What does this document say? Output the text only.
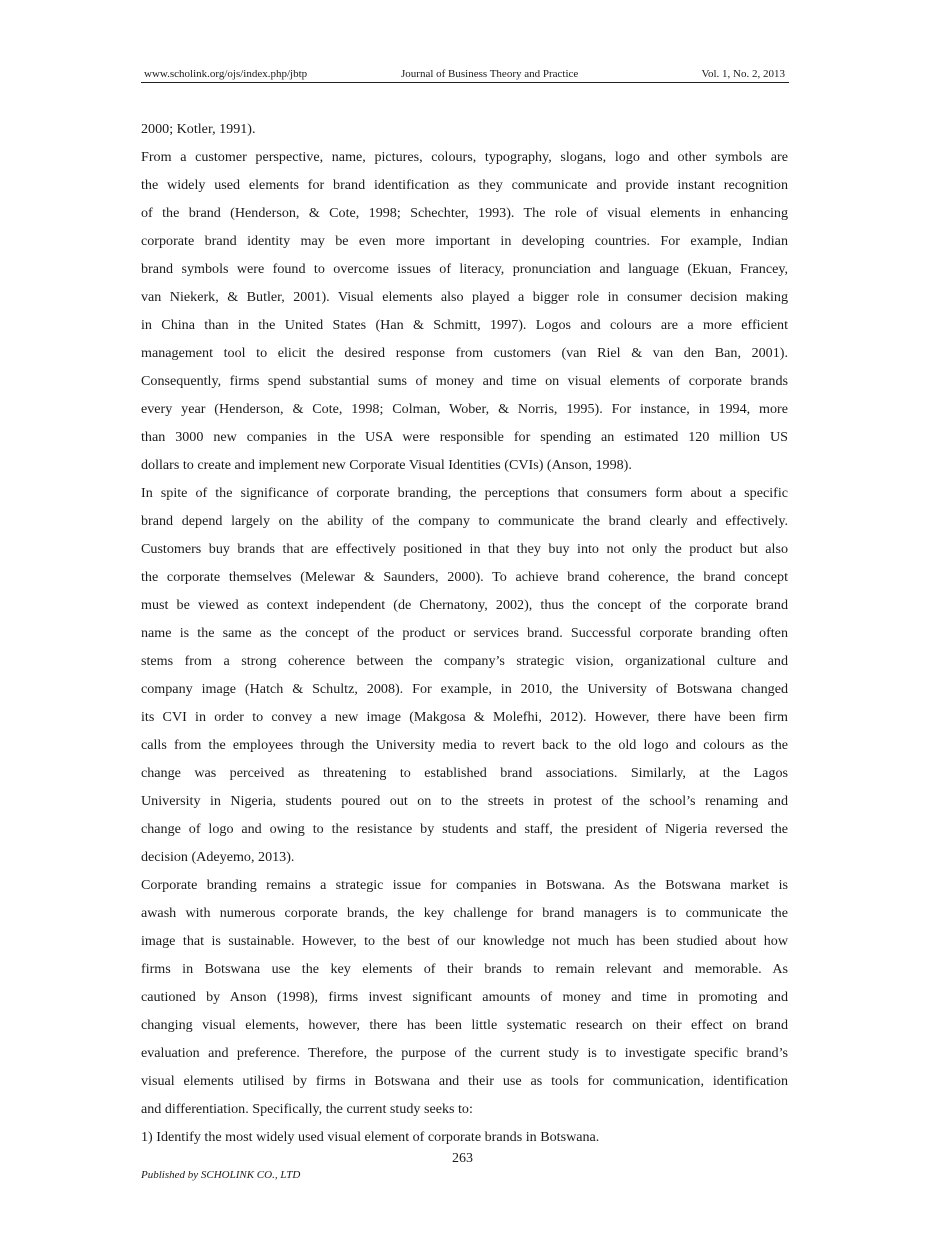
www.scholink.org/ojs/index.php/jbtp	Journal of Business Theory and Practice	Vol. 1, No. 2, 2013
2000; Kotler, 1991).
From a customer perspective, name, pictures, colours, typography, slogans, logo and other symbols are
the widely used elements for brand identification as they communicate and provide instant recognition
of the brand (Henderson, & Cote, 1998; Schechter, 1993). The role of visual elements in enhancing
corporate brand identity may be even more important in developing countries. For example, Indian
brand symbols were found to overcome issues of literacy, pronunciation and language (Ekuan, Francey,
van Niekerk, & Butler, 2001). Visual elements also played a bigger role in consumer decision making
in China than in the United States (Han & Schmitt, 1997). Logos and colours are a more efficient
management tool to elicit the desired response from customers (van Riel & van den Ban, 2001).
Consequently, firms spend substantial sums of money and time on visual elements of corporate brands
every year (Henderson, & Cote, 1998; Colman, Wober, & Norris, 1995). For instance, in 1994, more
than 3000 new companies in the USA were responsible for spending an estimated 120 million US
dollars to create and implement new Corporate Visual Identities (CVIs) (Anson, 1998).
In spite of the significance of corporate branding, the perceptions that consumers form about a specific
brand depend largely on the ability of the company to communicate the brand clearly and effectively.
Customers buy brands that are effectively positioned in that they buy into not only the product but also
the corporate themselves (Melewar & Saunders, 2000). To achieve brand coherence, the brand concept
must be viewed as context independent (de Chernatony, 2002), thus the concept of the corporate brand
name is the same as the concept of the product or services brand. Successful corporate branding often
stems from a strong coherence between the company’s strategic vision, organizational culture and
company image (Hatch & Schultz, 2008). For example, in 2010, the University of Botswana changed
its CVI in order to convey a new image (Makgosa & Molefhi, 2012). However, there have been firm
calls from the employees through the University media to revert back to the old logo and colours as the
change was perceived as threatening to established brand associations. Similarly, at the Lagos
University in Nigeria, students poured out on to the streets in protest of the school’s renaming and
change of logo and owing to the resistance by students and staff, the president of Nigeria reversed the
decision (Adeyemo, 2013).
Corporate branding remains a strategic issue for companies in Botswana. As the Botswana market is
awash with numerous corporate brands, the key challenge for brand managers is to communicate the
image that is sustainable. However, to the best of our knowledge not much has been studied about how
firms in Botswana use the key elements of their brands to remain relevant and memorable. As
cautioned by Anson (1998), firms invest significant amounts of money and time in promoting and
changing visual elements, however, there has been little systematic research on their effect on brand
evaluation and preference. Therefore, the purpose of the current study is to investigate specific brand’s
visual elements utilised by firms in Botswana and their use as tools for communication, identification
and differentiation. Specifically, the current study seeks to:
1) Identify the most widely used visual element of corporate brands in Botswana.
263
Published by SCHOLINK CO., LTD
